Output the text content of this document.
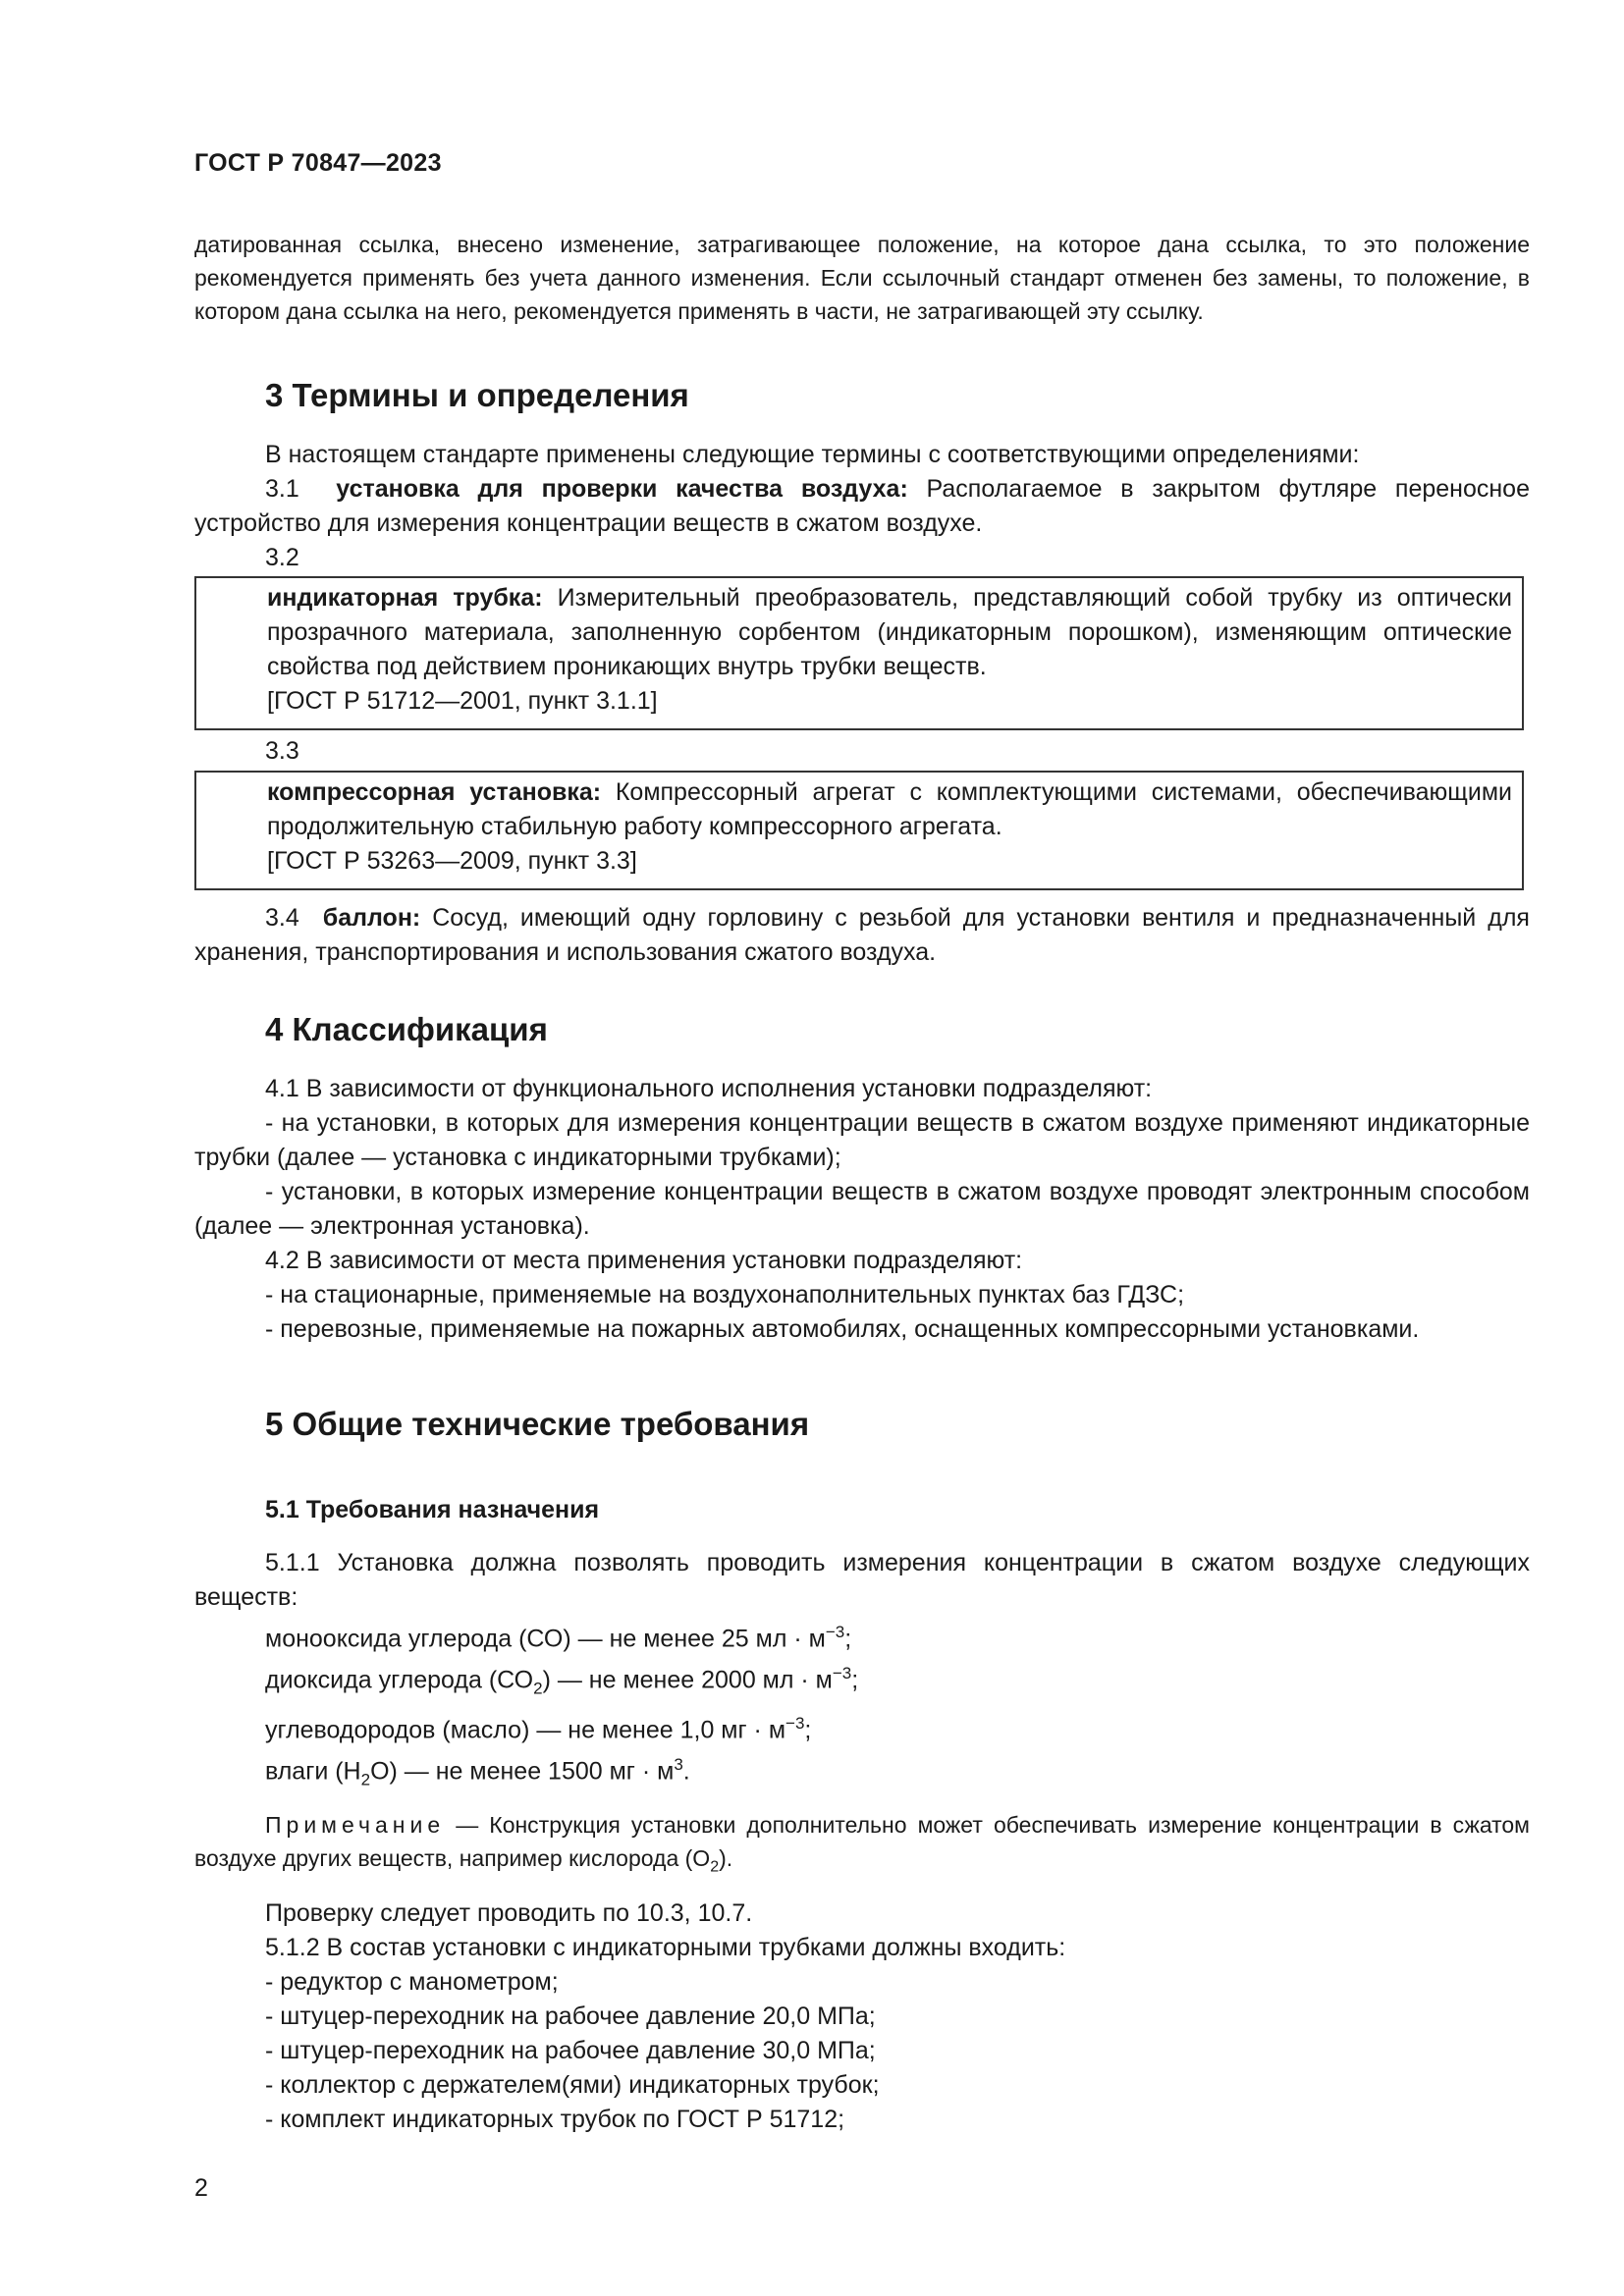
ГОСТ Р 70847—2023

датированная ссылка, внесено изменение, затрагивающее положение, на которое дана ссылка, то это положение рекомендуется применять без учета данного изменения. Если ссылочный стандарт отменен без замены, то положение, в котором дана ссылка на него, рекомендуется применять в части, не затрагивающей эту ссылку.

3 Термины и определения

В настоящем стандарте применены следующие термины с соответствующими определениями:

3.1 установка для проверки качества воздуха: Располагаемое в закрытом футляре переносное устройство для измерения концентрации веществ в сжатом воздухе.

3.2

индикаторная трубка: Измерительный преобразователь, представляющий собой трубку из оптически прозрачного материала, заполненную сорбентом (индикаторным порошком), изменяющим оптические свойства под действием проникающих внутрь трубки веществ.

[ГОСТ Р 51712—2001, пункт 3.1.1]

3.3

компрессорная установка: Компрессорный агрегат с комплектующими системами, обеспечивающими продолжительную стабильную работу компрессорного агрегата.

[ГОСТ Р 53263—2009, пункт 3.3]

3.4 баллон: Сосуд, имеющий одну горловину с резьбой для установки вентиля и предназначенный для хранения, транспортирования и использования сжатого воздуха.

4 Классификация

4.1 В зависимости от функционального исполнения установки подразделяют:

- на установки, в которых для измерения концентрации веществ в сжатом воздухе применяют индикаторные трубки (далее — установка с индикаторными трубками);

- установки, в которых измерение концентрации веществ в сжатом воздухе проводят электронным способом (далее — электронная установка).

4.2 В зависимости от места применения установки подразделяют:

- на стационарные, применяемые на воздухонаполнительных пунктах баз ГДЗС;

- перевозные, применяемые на пожарных автомобилях, оснащенных компрессорными установками.

5 Общие технические требования
5.1 Требования назначения

5.1.1 Установка должна позволять проводить измерения концентрации в сжатом воздухе следующих веществ:

монооксида углерода (СО) — не менее 25 мл · $м^{-3}$;

диоксида углерода $(СО_2)$ — не менее 2000 мл · $м^{-3}$;

углеводородов (масло) — не менее 1,0 мг · $м^{-3}$;

влаги $(Н_2О)$ — не менее 1500 мг · $м^3$.

Примечание — Конструкция установки дополнительно может обеспечивать измерение концентрации в сжатом воздухе других веществ, например кислорода $(О_2)$.

Проверку следует проводить по 10.3, 10.7.

5.1.2 В состав установки с индикаторными трубками должны входить:

- редуктор с манометром;

- штуцер-переходник на рабочее давление 20,0 МПа;

- штуцер-переходник на рабочее давление 30,0 МПа;

- коллектор с держателем(ями) индикаторных трубок;

- комплект индикаторных трубок по ГОСТ Р 51712;

2
